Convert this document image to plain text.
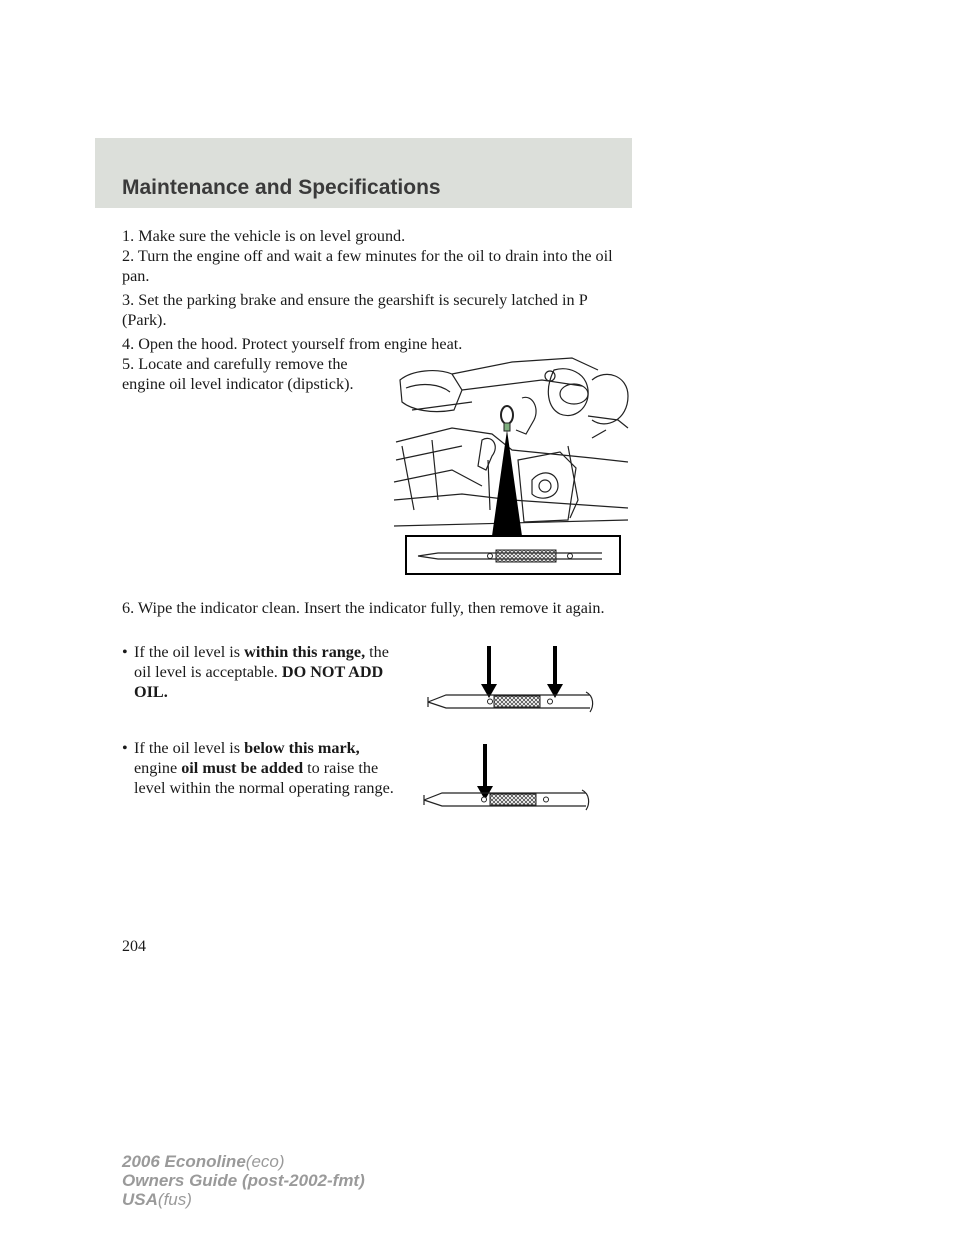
Maintenance and Specifications

1. Make sure the vehicle is on level ground.

2. Turn the engine off and wait a few minutes for the oil to drain into the oil pan.

3. Set the parking brake and ensure the gearshift is securely latched in P (Park).

4. Open the hood. Protect yourself from engine heat.

5. Locate and carefully remove the engine oil level indicator (dipstick).

6. Wipe the indicator clean. Insert the indicator fully, then remove it again.

• If the oil level is within this range, the oil level is acceptable. DO NOT ADD OIL.
• If the oil level is below this mark, engine oil must be added to raise the level within the normal operating range.

204

2006 Econoline(eco)
Owners Guide (post-2002-fmt)
USA(fus)
